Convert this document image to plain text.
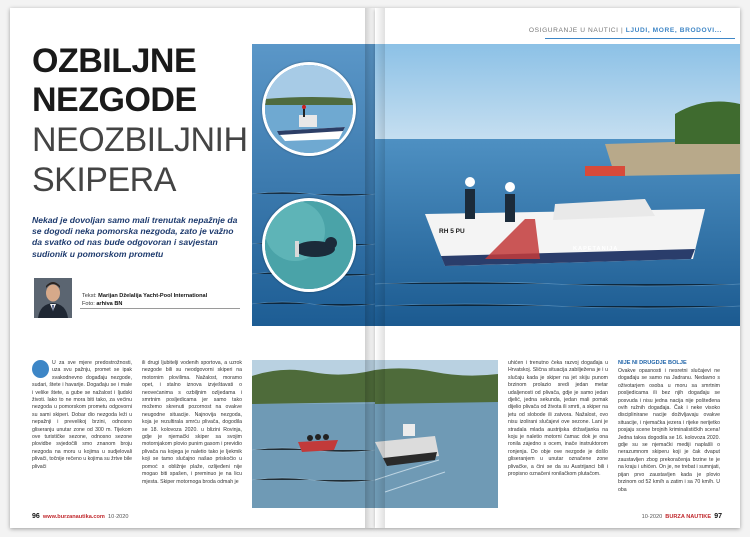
OZBILJNE
NEZGODE
NEOZBILJNIH
SKIPERA
Nekad je dovoljan samo mali trenutak nepažnje da se dogodi neka pomorska nezgoda, zato je važno da svatko od nas bude odgovoran i savjestan sudionik u pomorskom prometu
Tekst: Marijan Dželalija Yacht-Pool International
Foto: arhiva BN
U za sve mjere predostrožnosti, uza svu pažnju, promet se ipak svakodnevno događaju nezgode, sudari, štete i havarije. Događaju se i male i velike štete, a gube se nažalost i ljudski životi. Iako to ne mora biti tako, za većinu nezgoda u pomorskom prometu odgovorni su sami skiperi. Dobar dio nezgoda leži u nepažnji i prevelikoj brzini, odnosno gliseranju unutar zone od 300 m. Tijekom ove turističke sezone, odnosno sezone plovidbe svjedočili smo znanom broju nezgoda na moru u kojima u sudjelovali plivači, točnije rečeno u kojima su žrtve bile plivači
ili drugi ljubitelji vodenih sportova, a uzrok nezgode bili su neodgovorni skiperi na motornim plovilima. Nažalost, moramo opet, i stalno iznova izvještavati o neovećanima s ozbiljnim ozljedama i smrtnim posljedicama jer samo tako možemo skrenuti pozornost na ovakve neugodne situacije. Najnovija nezgoda, koja je rezultirala smrću plivača, dogodila se 18. kolovoza 2020. u blizini Rovinja, gdje je njemački skiper sa svojim motornjakom plovio punim gasom i previdio plivača na kojega je naletio tako je ljekmik koji se tamo slučajno našao priskočio u pomoć s obližnje plaže, ozlijeđeni nije mogao biti spašen, i preminuo je na licu mjesta. Skiper motornoga broda odmah je
96 www.burzanautika.com 10·2020
OSIGURANJE U NAUTICI | LJUDI, MORE, BRODOVI...
RH 5 PU
KAPETANIJA
uhićen i trenutno čeka razvoj događaja u Hrvatskoj. Slična situacija zabilježena je i u slučaju kada je skiper na jet skiju punom brzinom prolazio sredi jedan metar udaljenosti od plivača, gdje je samo jedan djelić, jedna sekunda, jedan mali pomak dijelio plivača od života ili smrti, a skiper na jetu od slobode ili zatvora. Nažalost, ovo nisu izolirani slučajevi ove sezone. Lani je stradala mlada austrijska državljanka na koju je naletio motorni čamac dok je ona ronila zajedno s ocem, inače instruktorom ronjenja. Do obje ove nezgode je došlo gliseranjem u unutar označene zone plivačke, a čini se da su Austrijanci bili i propisno označeni ronilačkom plutačom.
NIJE NI DRUGDJE BOLJE
Ovakve opasnosti i nesretni slučajevi ne događaju se samo na Jadranu. Nedavno s oživotarjem osoba u moru sa smrtnim posljedicama ili bez njih događaju se posvuda i nisu jedna nacija nije pošteđena ovih ružnih događaja. Čak i neke visoko disciplinirane nacije doživljavaju ovakve situacije, i njemačka jezera i rijeke nerijetko posjaju scene brojnih kriminalističkih scena! Jedna takva dogodila se 16. kolovoza 2020. gdje su se njemački mediji naplašli o nerazumnom skiperu koji je čak dvaput zaustavljen zbog prekoračenja brzine te je na kraju i uhićen. On je, ne trebat i sumnjati, pijan prvo zaustavljen kada je plovio brzinom od 52 km/h a zatim i sa 70 km/h. U oba
10·2020 BURZA NAUTIKE 97
